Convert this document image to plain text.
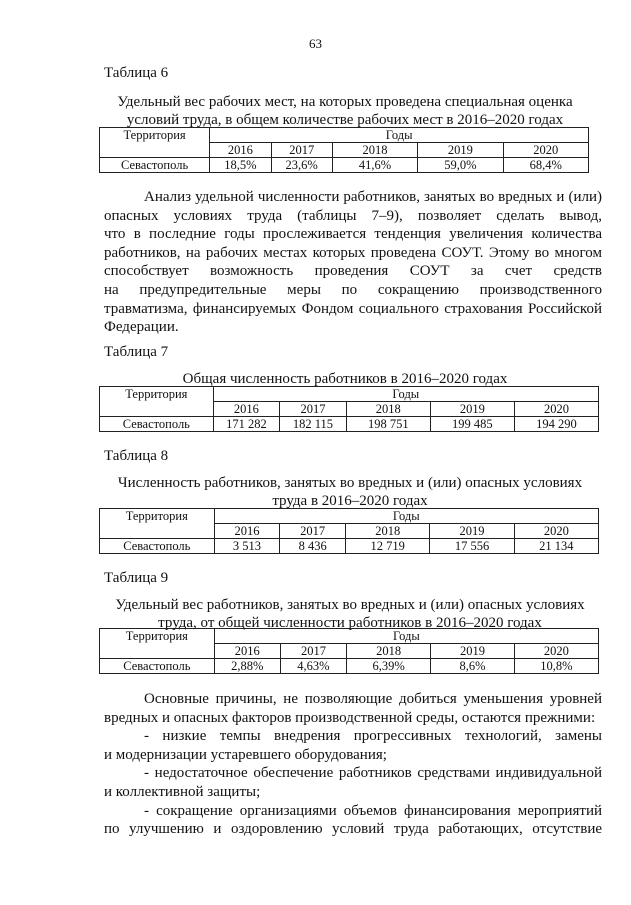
63
Таблица 6
Удельный вес рабочих мест, на которых проведена специальная оценка
условий труда, в общем количестве рабочих мест в 2016–2020 годах
Территория	Годы				
	2016	2017	2018	2019	2020
Севастополь	18,5%	23,6%	41,6%	59,0%	68,4%
Анализ удельной численности работников, занятых во вредных и (или)
опасных условиях труда (таблицы 7–9), позволяет сделать вывод,
что в последние годы прослеживается тенденция увеличения количества
работников, на рабочих местах которых проведена СОУТ. Этому во многом
способствует возможность проведения СОУТ за счет средств
на предупредительные меры по сокращению производственного
травматизма, финансируемых Фондом социального страхования Российской
Федерации.
Таблица 7
Общая численность работников в 2016–2020 годах
Территория	Годы				
	2016	2017	2018	2019	2020
Севастополь	171 282	182 115	198 751	199 485	194 290
Таблица 8
Численность работников, занятых во вредных и (или) опасных условиях
труда в 2016–2020 годах
Территория	Годы				
	2016	2017	2018	2019	2020
Севастополь	3 513	8 436	12 719	17 556	21 134
Таблица 9
Удельный вес работников, занятых во вредных и (или) опасных условиях
труда, от общей численности работников в 2016–2020 годах
Территория	Годы				
	2016	2017	2018	2019	2020
Севастополь	2,88%	4,63%	6,39%	8,6%	10,8%
Основные причины, не позволяющие добиться уменьшения уровней
вредных и опасных факторов производственной среды, остаются прежними:
- низкие темпы внедрения прогрессивных технологий, замены
и модернизации устаревшего оборудования;
- недостаточное обеспечение работников средствами индивидуальной
и коллективной защиты;
- сокращение организациями объемов финансирования мероприятий
по улучшению и оздоровлению условий труда работающих, отсутствие
